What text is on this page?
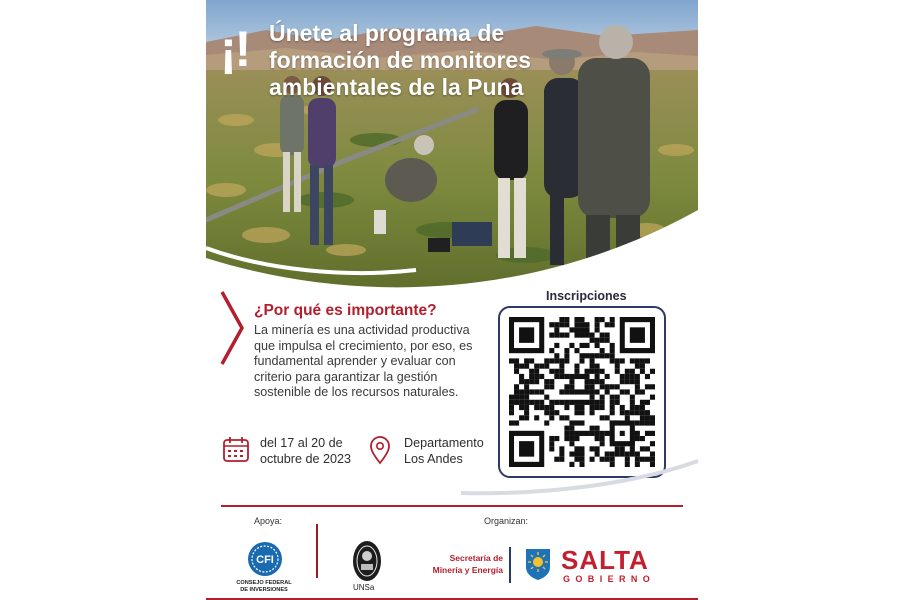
¡! Únete al programa de formación de monitores ambientales de la Puna
¿Por qué es importante?
La minería es una actividad productiva que impulsa el crecimiento, por eso, es fundamental aprender y evaluar con criterio para garantizar la gestión sostenible de los recursos naturales.
del 17 al 20 de
octubre de 2023
Departamento
Los Andes
Inscripciones
Apoya:	Organizan:
CFI
CONSEJO FEDERAL
DE INVERSIONES	UNSa
Secretaría de
Minería y Energía SALTA
GOBIERNO
